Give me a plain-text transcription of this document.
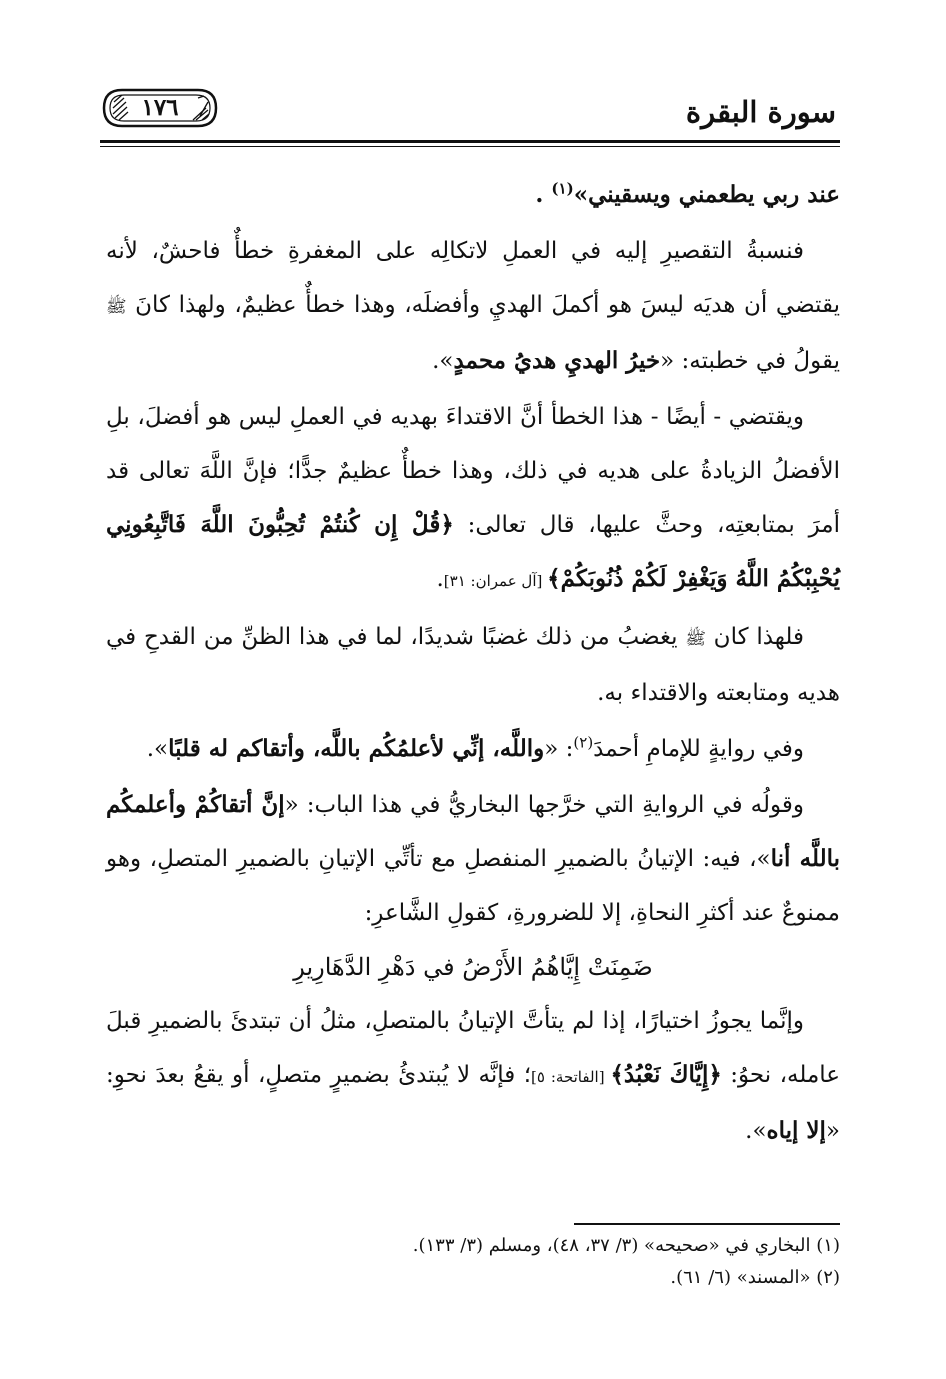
١٧٦	سورة البقرة

عند ربي يطعمني ويسقيني»$^{(١)}$ .

فنسبةُ التقصيرِ إليه في العملِ لاتكالِه على المغفرةِ خطأٌ فاحشٌ، لأنه يقتضي أن هديَه ليسَ هو أكملَ الهديِ وأفضلَه، وهذا خطأٌ عظيمٌ، ولهذا كانَ ﷺ يقولُ في خطبته: «خيرُ الهديِ هديُ محمدٍ».

ويقتضي - أيضًا - هذا الخطأ أنَّ الاقتداءَ بهديه في العملِ ليس هو أفضلَ، بلِ الأفضلُ الزيادةُ على هديه في ذلك، وهذا خطأٌ عظيمٌ جدًّا؛ فإنَّ اللَّهَ تعالى قد أمرَ بمتابعتِه، وحثَّ عليها، قال تعالى: ﴿قُلْ إِن كُنتُمْ تُحِبُّونَ اللَّهَ فَاتَّبِعُونِي يُحْبِبْكُمُ اللَّهُ وَيَغْفِرْ لَكُمْ ذُنُوبَكُمْ﴾ [آل عمران: ٣١].

فلهذا كان ﷺ يغضبُ من ذلك غضبًا شديدًا، لما في هذا الظنِّ من القدحِ في هديه ومتابعته والاقتداء به.

وفي روايةٍ للإمامِ أحمدَ$^{(٢)}$: «واللَّه، إنِّي لأعلمُكُم باللَّه، وأتقاكم له قلبًا».

وقولُه في الروايةِ التي خرَّجها البخاريُّ في هذا الباب: «إنَّ أتقاكُمْ وأعلمكُم باللَّه أنا»، فيه: الإتيانُ بالضميرِ المنفصلِ مع تأتِّي الإتيانِ بالضميرِ المتصلِ، وهو ممنوعٌ عند أكثرِ النحاةِ، إلا للضرورةِ، كقولِ الشَّاعرِ:

ضَمِنَتْ إِيَّاهُمُ الأَرْضُ في دَهْرِ الدَّهَارِيرِ

وإنَّما يجوزُ اختيارًا، إذا لم يتأتَّ الإتيانُ بالمتصلِ، مثلُ أن تبتدئَ بالضميرِ قبلَ عامله، نحوُ: ﴿إِيَّاكَ نَعْبُدُ﴾ [الفاتحة: ٥]؛ فإنَّه لا يُبتدئُ بضميرٍ متصلٍ، أو يقعُ بعدَ نحوِ: «إلا إياه».

(١) البخاري في «صحيحه» (٣/ ٣٧، ٤٨)، ومسلم (٣/ ١٣٣).

(٢) «المسند» (٦/ ٦١).
